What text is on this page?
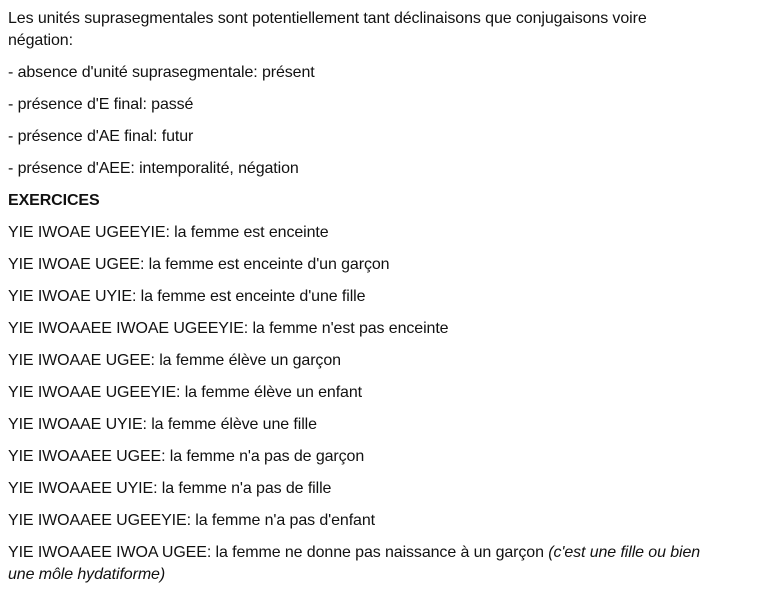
Les unités suprasegmentales sont potentiellement tant déclinaisons que conjugaisons voire
négation:
- absence d'unité suprasegmentale: présent
- présence d'E final: passé
- présence d'AE final: futur
- présence d'AEE: intemporalité, négation
EXERCICES
YIE IWOAE UGEEYIE: la femme est enceinte
YIE IWOAE UGEE: la femme est enceinte d'un garçon
YIE IWOAE UYIE: la femme est enceinte d'une fille
YIE IWOAAEE IWOAE UGEEYIE: la femme n'est pas enceinte
YIE IWOAAE UGEE: la femme élève un garçon
YIE IWOAAE UGEEYIE: la femme élève un enfant
YIE IWOAAE UYIE: la femme élève une fille
YIE IWOAAEE UGEE: la femme n'a pas de garçon
YIE IWOAAEE UYIE: la femme n'a pas de fille
YIE IWOAAEE UGEEYIE: la femme n'a pas d'enfant
YIE IWOAAEE IWOA UGEE: la femme ne donne pas naissance à un garçon (c'est une fille ou bien
une môle hydatiforme)
